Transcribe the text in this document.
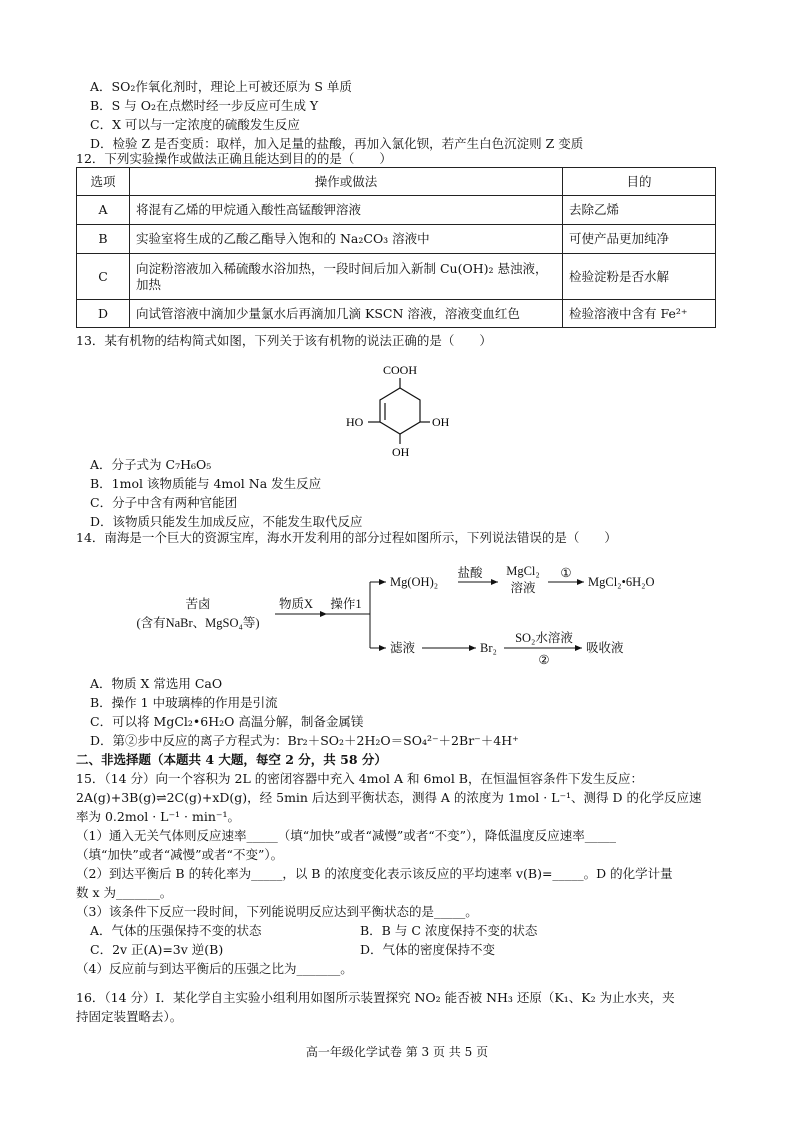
A．SO₂作氧化剂时，理论上可被还原为 S 单质
B．S 与 O₂在点燃时经一步反应可生成 Y
C．X 可以与一定浓度的硫酸发生反应
D．检验 Z 是否变质：取样，加入足量的盐酸，再加入氯化钡，若产生白色沉淀则 Z 变质
12．下列实验操作或做法正确且能达到目的的是（　　）
选项	操作或做法	目的
A	将混有乙烯的甲烷通入酸性高锰酸钾溶液	去除乙烯
B	实验室将生成的乙酸乙酯导入饱和的 Na₂CO₃ 溶液中	可使产品更加纯净
C	向淀粉溶液加入稀硫酸水浴加热，一段时间后加入新制 Cu(OH)₂ 悬浊液，加热	检验淀粉是否水解
D	向试管溶液中滴加少量氯水后再滴加几滴 KSCN 溶液，溶液变血红色	检验溶液中含有 Fe²⁺
13．某有机物的结构简式如图，下列关于该有机物的说法正确的是（　　）
COOH
HO	OH
OH
A．分子式为 C₇H₆O₅
B．1mol 该物质能与 4mol Na 发生反应
C．分子中含有两种官能团
D．该物质只能发生加成反应，不能发生取代反应
14．南海是一个巨大的资源宝库，海水开发利用的部分过程如图所示，下列说法错误的是（　　）
苦卤
(含有NaBr、MgSO₄等)
物质X 操作1
Mg(OH)₂
盐酸 MgCl₂
溶液
①
MgCl₂•6H₂O
滤液	Br₂
SO₂水溶液
②
吸收液
A．物质 X 常选用 CaO
B．操作 1 中玻璃棒的作用是引流
C．可以将 MgCl₂•6H₂O 高温分解，制备金属镁
D．第②步中反应的离子方程式为：Br₂＋SO₂＋2H₂O＝SO₄²⁻＋2Br⁻＋4H⁺
二、非选择题（本题共 4 大题，每空 2 分，共 58 分）
15．（14 分）向一个容积为 2L 的密闭容器中充入 4mol A 和 6mol B，在恒温恒容条件下发生反应：
2A(g)+3B(g)⇌2C(g)+xD(g)，经 5min 后达到平衡状态，测得 A 的浓度为 1mol · L⁻¹、测得 D 的化学反应速
率为 0.2mol · L⁻¹ · min⁻¹。
（1）通入无关气体则反应速率_____（填“加快”或者“减慢”或者“不变”），降低温度反应速率_____
（填“加快”或者“减慢”或者“不变”）。
（2）到达平衡后 B 的转化率为_____，以 B 的浓度变化表示该反应的平均速率 v(B)=_____。D 的化学计量
数 x 为_______。
（3）该条件下反应一段时间，下列能说明反应达到平衡状态的是_____。
A．气体的压强保持不变的状态	B．B 与 C 浓度保持不变的状态
C．2v 正(A)=3v 逆(B)	D．气体的密度保持不变
（4）反应前与到达平衡后的压强之比为_______。
16．（14 分）I．某化学自主实验小组利用如图所示装置探究 NO₂ 能否被 NH₃ 还原（K₁、K₂ 为止水夹，夹
持固定装置略去）。
高一年级化学试卷 第 3 页 共 5 页
